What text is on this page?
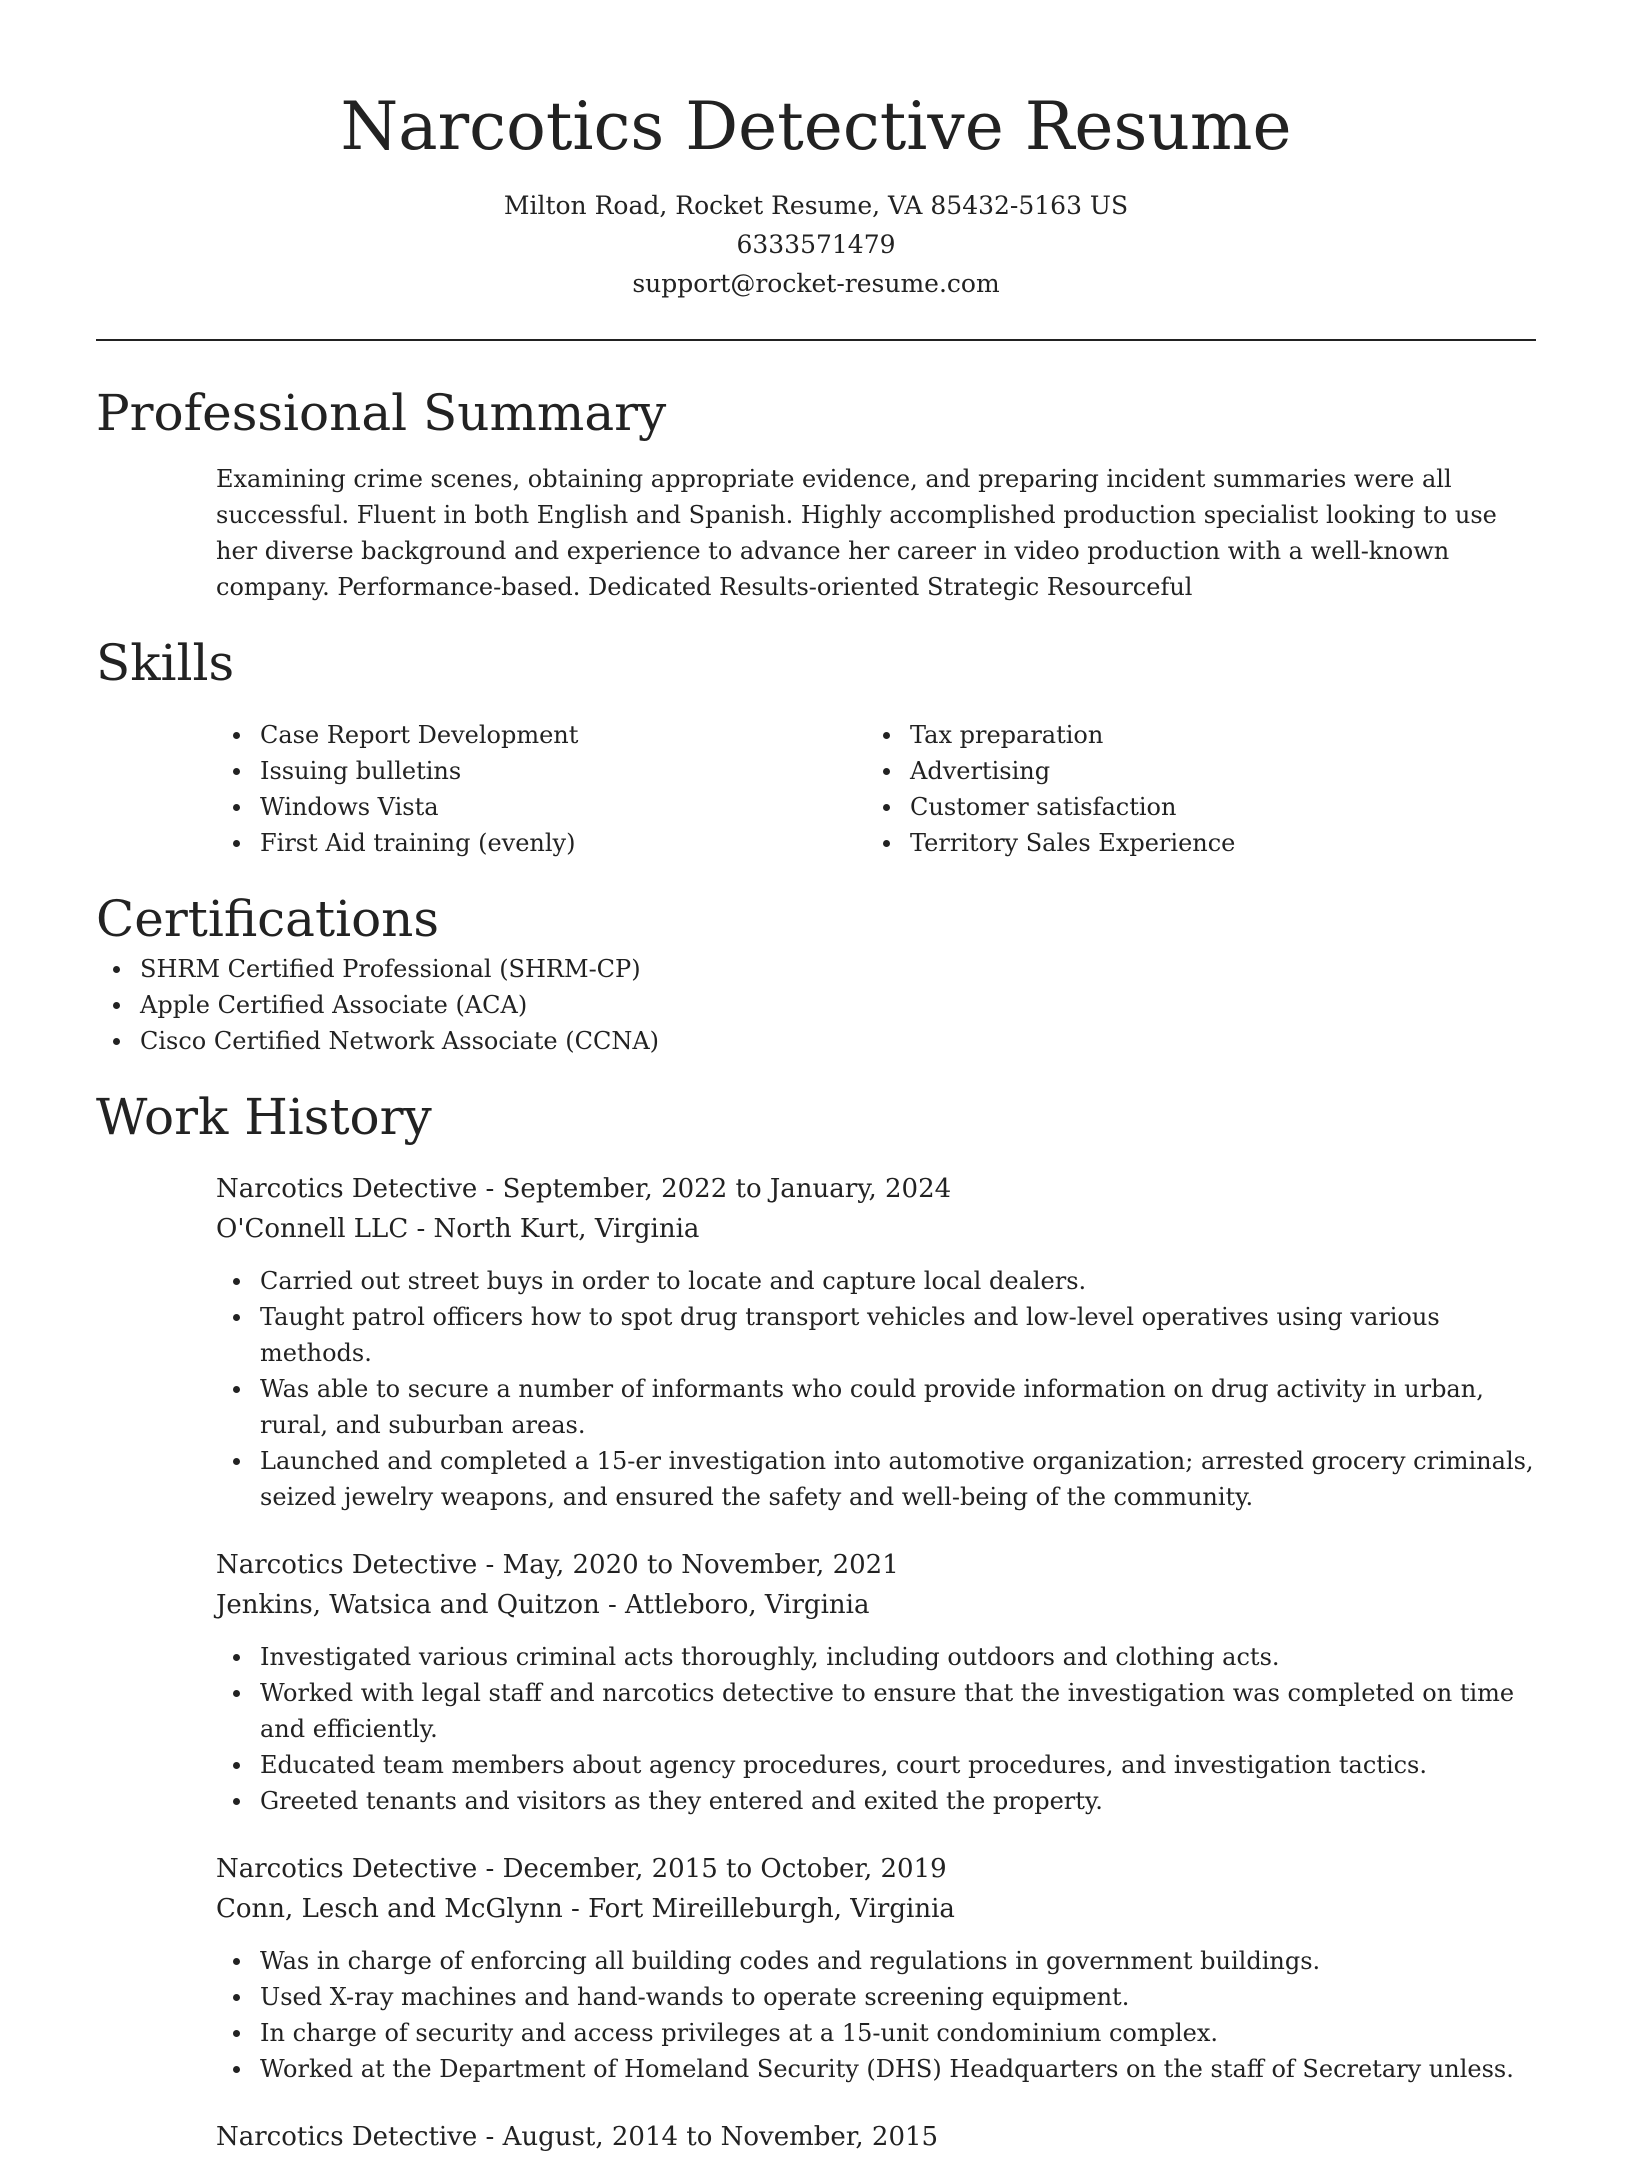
Narcotics Detective Resume

Milton Road, Rocket Resume, VA 85432-5163 US

6333571479

support@rocket-resume.com

Professional Summary

Examining crime scenes, obtaining appropriate evidence, and preparing incident summaries were all successful. Fluent in both English and Spanish. Highly accomplished production specialist looking to use her diverse background and experience to advance her career in video production with a well-known company. Performance-based. Dedicated Results-oriented Strategic Resourceful

Skills
Case Report Development
Issuing bulletins
Windows Vista
First Aid training (evenly)
Tax preparation
Advertising
Customer satisfaction
Territory Sales Experience
Certifications
SHRM Certified Professional (SHRM-CP)
Apple Certified Associate (ACA)
Cisco Certified Network Associate (CCNA)
Work History

Narcotics Detective - September, 2022 to January, 2024

O'Connell LLC - North Kurt, Virginia

Carried out street buys in order to locate and capture local dealers.
Taught patrol officers how to spot drug transport vehicles and low-level operatives using various methods.
Was able to secure a number of informants who could provide information on drug activity in urban, rural, and suburban areas.
Launched and completed a 15-er investigation into automotive organization; arrested grocery criminals, seized jewelry weapons, and ensured the safety and well-being of the community.

Narcotics Detective - May, 2020 to November, 2021

Jenkins, Watsica and Quitzon - Attleboro, Virginia

Investigated various criminal acts thoroughly, including outdoors and clothing acts.
Worked with legal staff and narcotics detective to ensure that the investigation was completed on time and efficiently.
Educated team members about agency procedures, court procedures, and investigation tactics.
Greeted tenants and visitors as they entered and exited the property.

Narcotics Detective - December, 2015 to October, 2019

Conn, Lesch and McGlynn - Fort Mireilleburgh, Virginia

Was in charge of enforcing all building codes and regulations in government buildings.
Used X-ray machines and hand-wands to operate screening equipment.
In charge of security and access privileges at a 15-unit condominium complex.
Worked at the Department of Homeland Security (DHS) Headquarters on the staff of Secretary unless.

Narcotics Detective - August, 2014 to November, 2015
